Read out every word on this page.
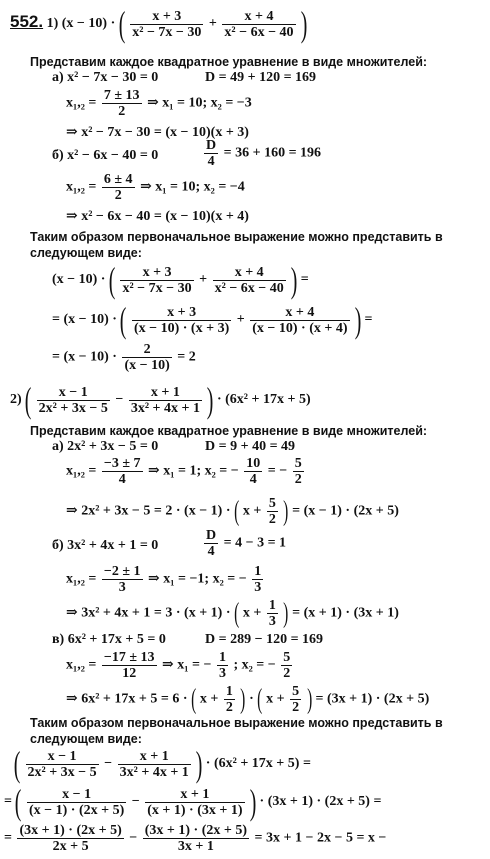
552. 1) (x − 10) · ( $\frac{x + 3}{\text{x² − 7x − 30}} + \frac{x + 4}{\text{x² − 6x − 40}}$ )
Представим каждое квадратное уравнение в виде множителей:
а) x² − 7x − 30 = 0	D = 49 + 120 = 169
$x_1,_2 = \frac{7 \pm 13}{2}$ ⇒ x₁ = 10; x₂ = −3
⇒ x² − 7x − 30 = (x − 10)(x + 3)
б) x² − 6x − 40 = 0	$\frac{D}{4} = 36 + 160 = 196$
$x_1,_2 = \frac{6 \pm 4}{2}$ ⇒ x₁ = 10; x₂ = −4
⇒ x² − 6x − 40 = (x − 10)(x + 4)
Таким образом первоначальное выражение можно представить в
следующем виде:
(x − 10) · ( $\frac{x + 3}{\text{x² − 7x − 30}} + \frac{x + 4}{\text{x² − 6x − 40}}$ ) =
= (x − 10) · ( $\frac{x + 3}{(x - 10) \cdot (x + 3)} + \frac{x + 4}{(x - 10) \cdot (x + 4)}$ ) =
= $(x - 10) \cdot \frac{2}{(x - 10)} = 2$
2) ( $\frac{x - 1}{\text{2x² + 3x − 5}} - \frac{x + 1}{\text{3x² + 4x + 1}}$ ) · (6x² + 17x + 5)
Представим каждое квадратное уравнение в виде множителей:
а) 2x² + 3x − 5 = 0	D = 9 + 40 = 49
$x_1,_2 = \frac{-3 \pm 7}{4}$ ⇒ x₁ = 1; x₂ = − $\frac{10}{4}$ = − $\frac{5}{2}$
⇒ 2x² + 3x − 5 = 2 · (x − 1) · ( $x + \frac{5}{2}$ ) = (x − 1) · (2x + 5)
б) 3x² + 4x + 1 = 0	$\frac{D}{4} = 4 - 3 = 1$
$x_1,_2 = \frac{-2 \pm 1}{3}$ ⇒ x₁ = −1; x₂ = − $\frac{1}{3}$
⇒ 3x² + 4x + 1 = 3 · (x + 1) · ( $x + \frac{1}{3}$ ) = (x + 1) · (3x + 1)
в) 6x² + 17x + 5 = 0	D = 289 − 120 = 169
$x_1,_2 = \frac{-17 \pm 13}{12}$ ⇒ x₁ = − $\frac{1}{3}$ ; x₂ = − $\frac{5}{2}$
⇒ 6x² + 17x + 5 = 6 · ( $x + \frac{1}{2}$ ) · ( $x + \frac{5}{2}$ ) = (3x + 1) · (2x + 5)
Таким образом первоначальное выражение можно представить в
следующем виде:
( $\frac{x - 1}{\text{2x² + 3x − 5}} - \frac{x + 1}{\text{3x² + 4x + 1}}$ ) · (6x² + 17x + 5) =
= ( $\frac{x - 1}{(x - 1) \cdot (2x + 5)} - \frac{x + 1}{(x + 1) \cdot (3x + 1)}$ ) · (3x + 1) · (2x + 5) =
= $\frac{(3x + 1) \cdot (2x + 5)}{2x + 5} - \frac{(3x + 1) \cdot (2x + 5)}{3x + 1} = 3x + 1 - 2x - 5 = x$ −
